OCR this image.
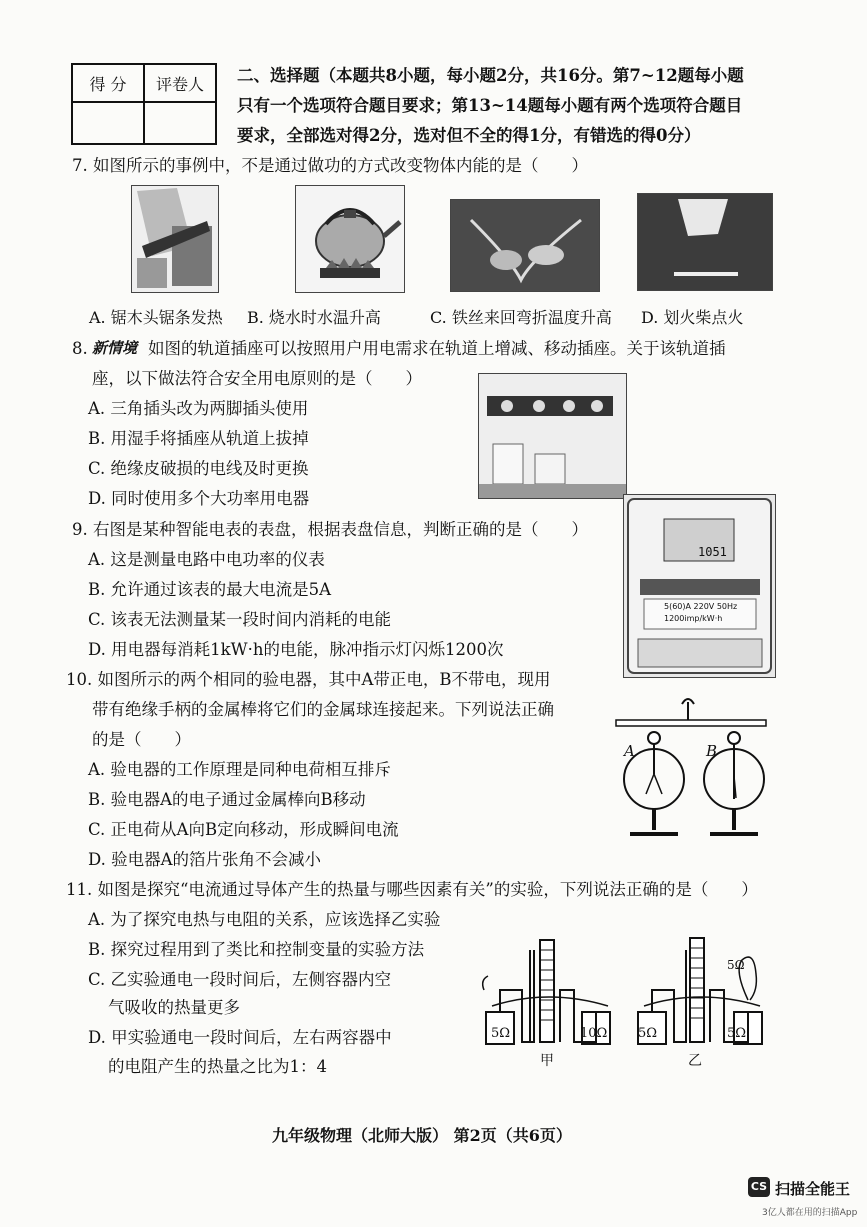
得 分	评卷人
	二、选择题（本题共8小题，每小题2分，共16分。第7~12题每小题
只有一个选项符合题目要求；第13~14题每小题有两个选项符合题目
要求，全部选对得2分，选对但不全的得1分，有错选的得0分）
7. 如图所示的事例中，不是通过做功的方式改变物体内能的是（　　）
A. 锯木头锯条发热 B. 烧水时水温升高	C. 铁丝来回弯折温度升高 D. 划火柴点火
8. 新情境 如图的轨道插座可以按照用户用电需求在轨道上增减、移动插座。关于该轨道插
座，以下做法符合安全用电原则的是（　　）
A. 三角插头改为两脚插头使用
B. 用湿手将插座从轨道上拔掉
C. 绝缘皮破损的电线及时更换
D. 同时使用多个大功率用电器
9. 右图是某种智能电表的表盘，根据表盘信息，判断正确的是（　　）
A. 这是测量电路中电功率的仪表
B. 允许通过该表的最大电流是5A
C. 该表无法测量某一段时间内消耗的电能
D. 用电器每消耗1kW·h的电能，脉冲指示灯闪烁1200次
1051
5(60)A 220V 50Hz
1200imp/kW·h
10. 如图所示的两个相同的验电器，其中A带正电，B不带电，现用
带有绝缘手柄的金属棒将它们的金属球连接起来。下列说法正确
的是（　　）
A. 验电器的工作原理是同种电荷相互排斥
B. 验电器A的电子通过金属棒向B移动
C. 正电荷从A向B定向移动，形成瞬间电流
D. 验电器A的箔片张角不会减小
A	B
11. 如图是探究“电流通过导体产生的热量与哪些因素有关”的实验，下列说法正确的是（　　）
A. 为了探究电热与电阻的关系，应该选择乙实验
B. 探究过程用到了类比和控制变量的实验方法
C. 乙实验通电一段时间后，左侧容器内空
气吸收的热量更多
D. 甲实验通电一段时间后，左右两容器中
的电阻产生的热量之比为1：4
5Ω	10Ω
甲
5Ω	5Ω
5Ω
乙
九年级物理（北师大版） 第2页（共6页）
CS 扫描全能王
3亿人都在用的扫描App
